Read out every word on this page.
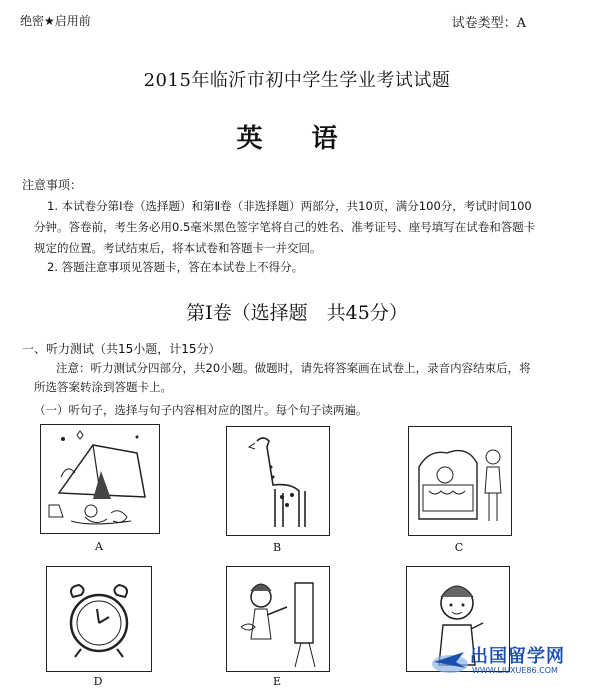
绝密★启用前	试卷类型：A
2015年临沂市初中学生学业考试试题
英 语
注意事项：
1. 本试卷分第Ⅰ卷（选择题）和第Ⅱ卷（非选择题）两部分，共10页，满分100分，考试时间100分钟。答卷前，考生务必用0.5毫米黑色签字笔将自己的姓名、准考证号、座号填写在试卷和答题卡规定的位置。考试结束后，将本试卷和答题卡一并交回。
2. 答题注意事项见答题卡，答在本试卷上不得分。
第Ⅰ卷（选择题　共45分）
一、听力测试（共15小题，计15分）
注意：听力测试分四部分，共20小题。做题时，请先将答案画在试卷上，录音内容结束后，将所选答案转涂到答题卡上。
（一）听句子，选择与句子内容相对应的图片。每个句子读两遍。
A	B	C
D	E
出国留学网
WWW.LIUXUE86.COM
